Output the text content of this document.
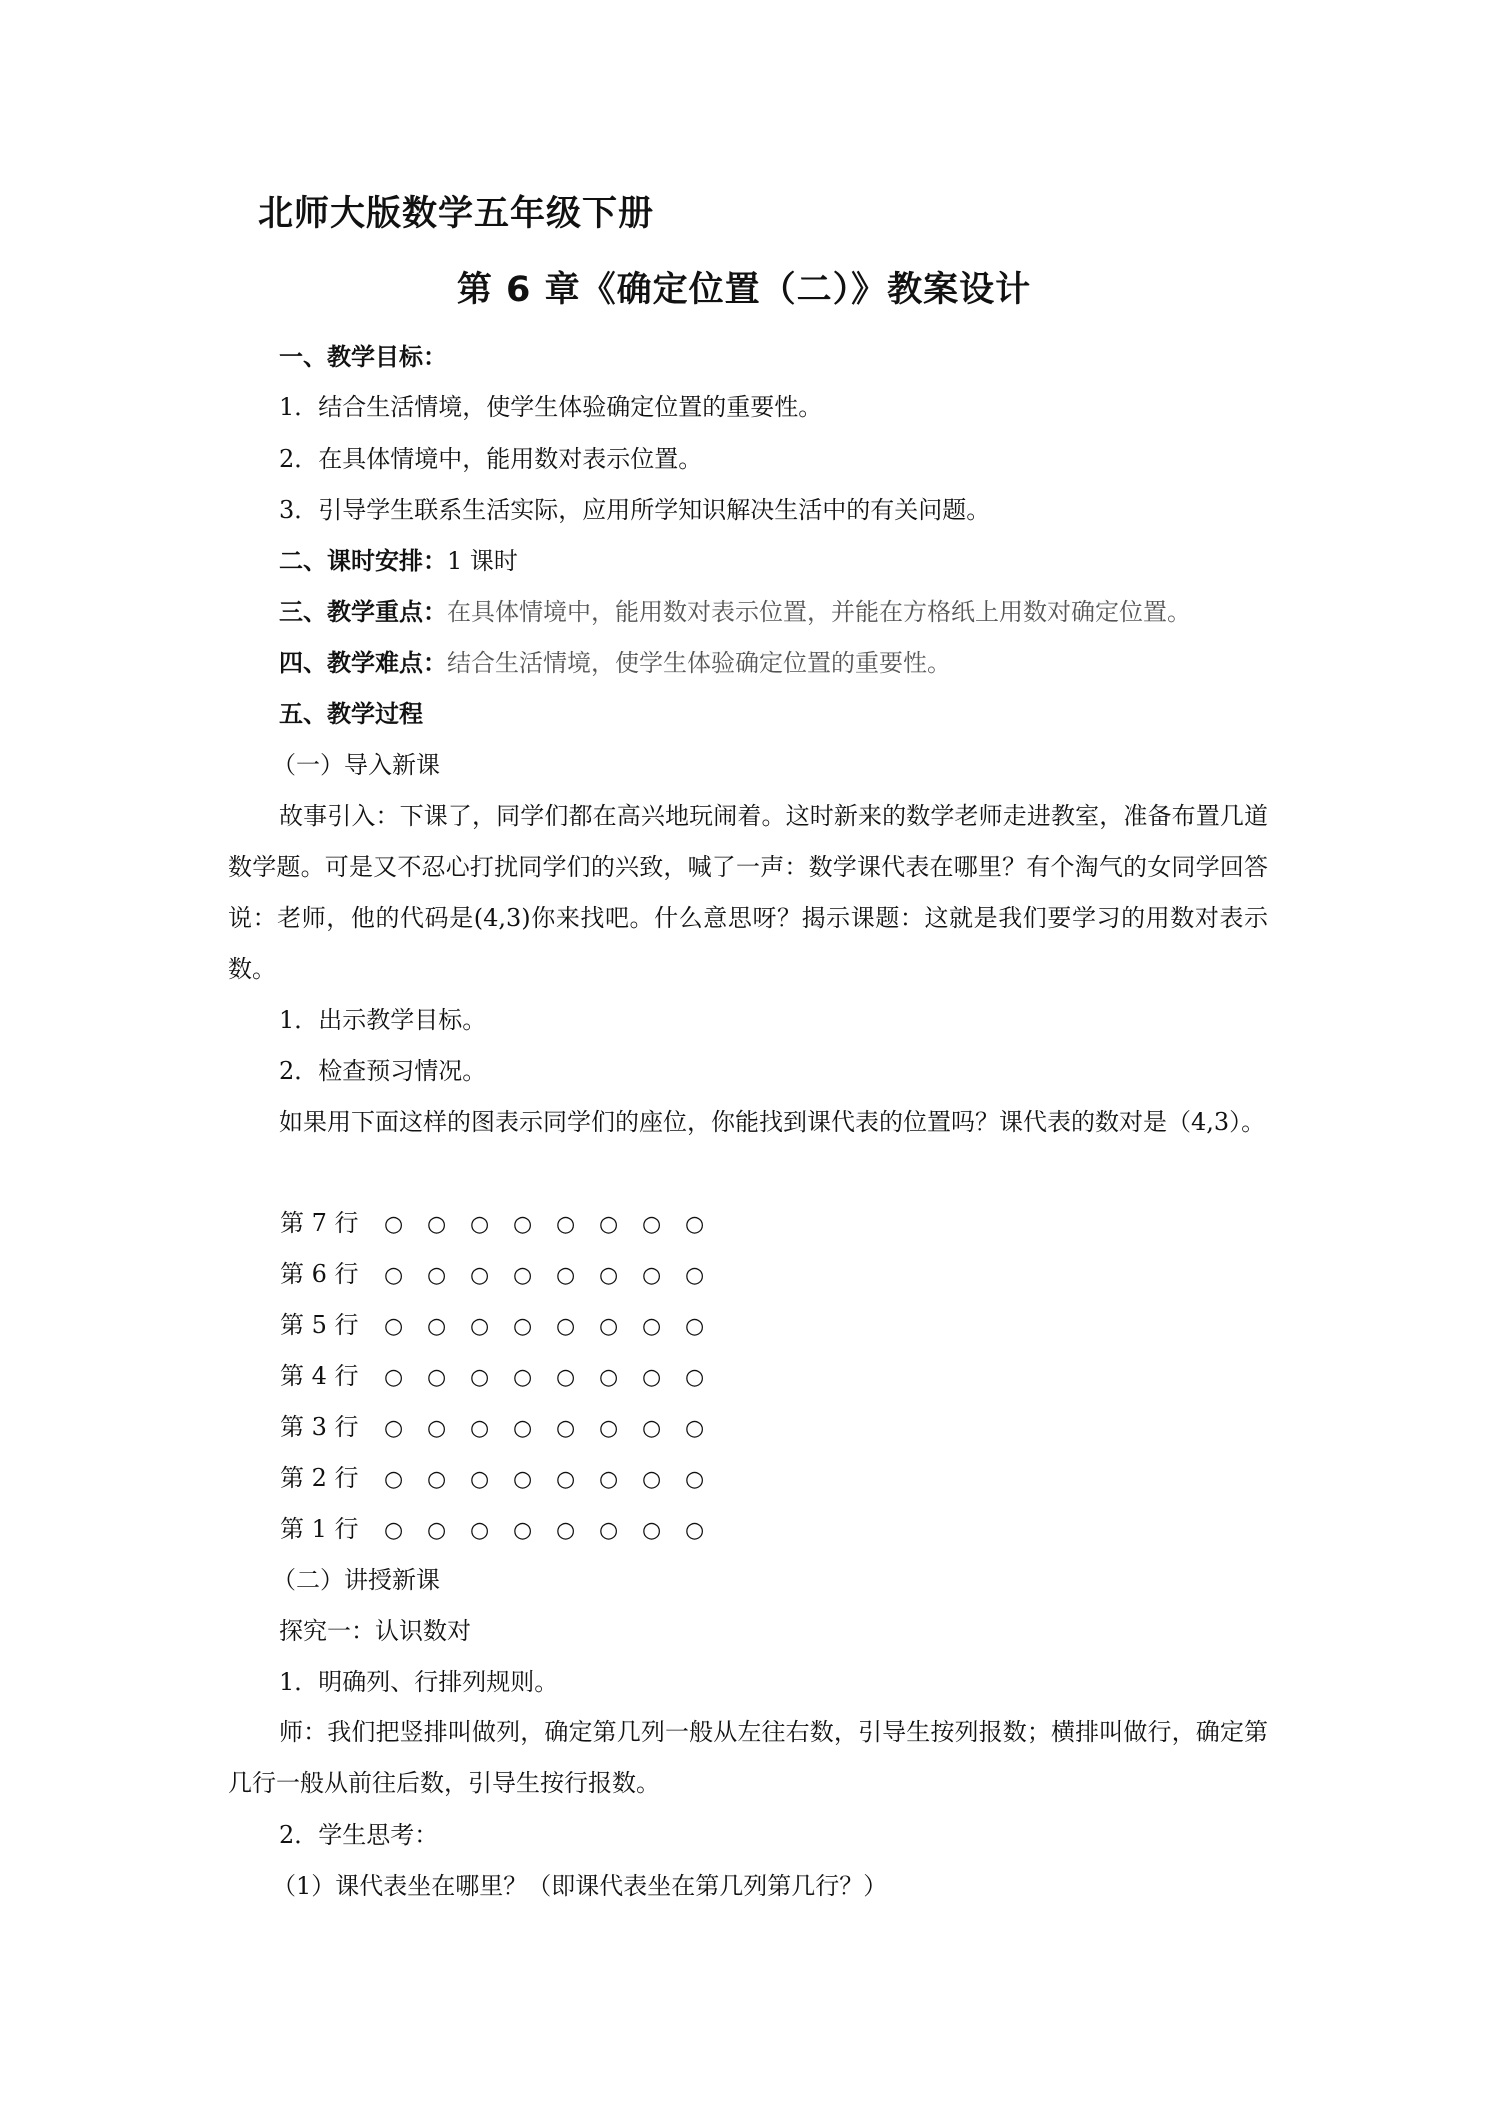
北师大版数学五年级下册
第 6 章《确定位置（二）》教案设计
一、教学目标：
1．结合生活情境，使学生体验确定位置的重要性。
2．在具体情境中，能用数对表示位置。
3．引导学生联系生活实际，应用所学知识解决生活中的有关问题。
二、课时安排：1 课时
三、教学重点：在具体情境中，能用数对表示位置，并能在方格纸上用数对确定位置。
四、教学难点：结合生活情境，使学生体验确定位置的重要性。
五、教学过程
（一）导入新课
故事引入：下课了，同学们都在高兴地玩闹着。这时新来的数学老师走进教室，准备布置几道数学题。可是又不忍心打扰同学们的兴致，喊了一声：数学课代表在哪里？有个淘气的女同学回答说：老师，他的代码是(4,3)你来找吧。什么意思呀？揭示课题：这就是我们要学习的用数对表示数。
1．出示教学目标。
2．检查预习情况。
如果用下面这样的图表示同学们的座位，你能找到课代表的位置吗？课代表的数对是（4,3）。
第 7 行 ○ ○ ○ ○ ○ ○ ○ ○
第 6 行 ○ ○ ○ ○ ○ ○ ○ ○
第 5 行 ○ ○ ○ ○ ○ ○ ○ ○
第 4 行 ○ ○ ○ ○ ○ ○ ○ ○
第 3 行 ○ ○ ○ ○ ○ ○ ○ ○
第 2 行 ○ ○ ○ ○ ○ ○ ○ ○
第 1 行 ○ ○ ○ ○ ○ ○ ○ ○
（二）讲授新课
探究一：认识数对
1．明确列、行排列规则。
师：我们把竖排叫做列，确定第几列一般从左往右数，引导生按列报数；横排叫做行，确定第几行一般从前往后数，引导生按行报数。
2．学生思考：
（1）课代表坐在哪里？（即课代表坐在第几列第几行？）
